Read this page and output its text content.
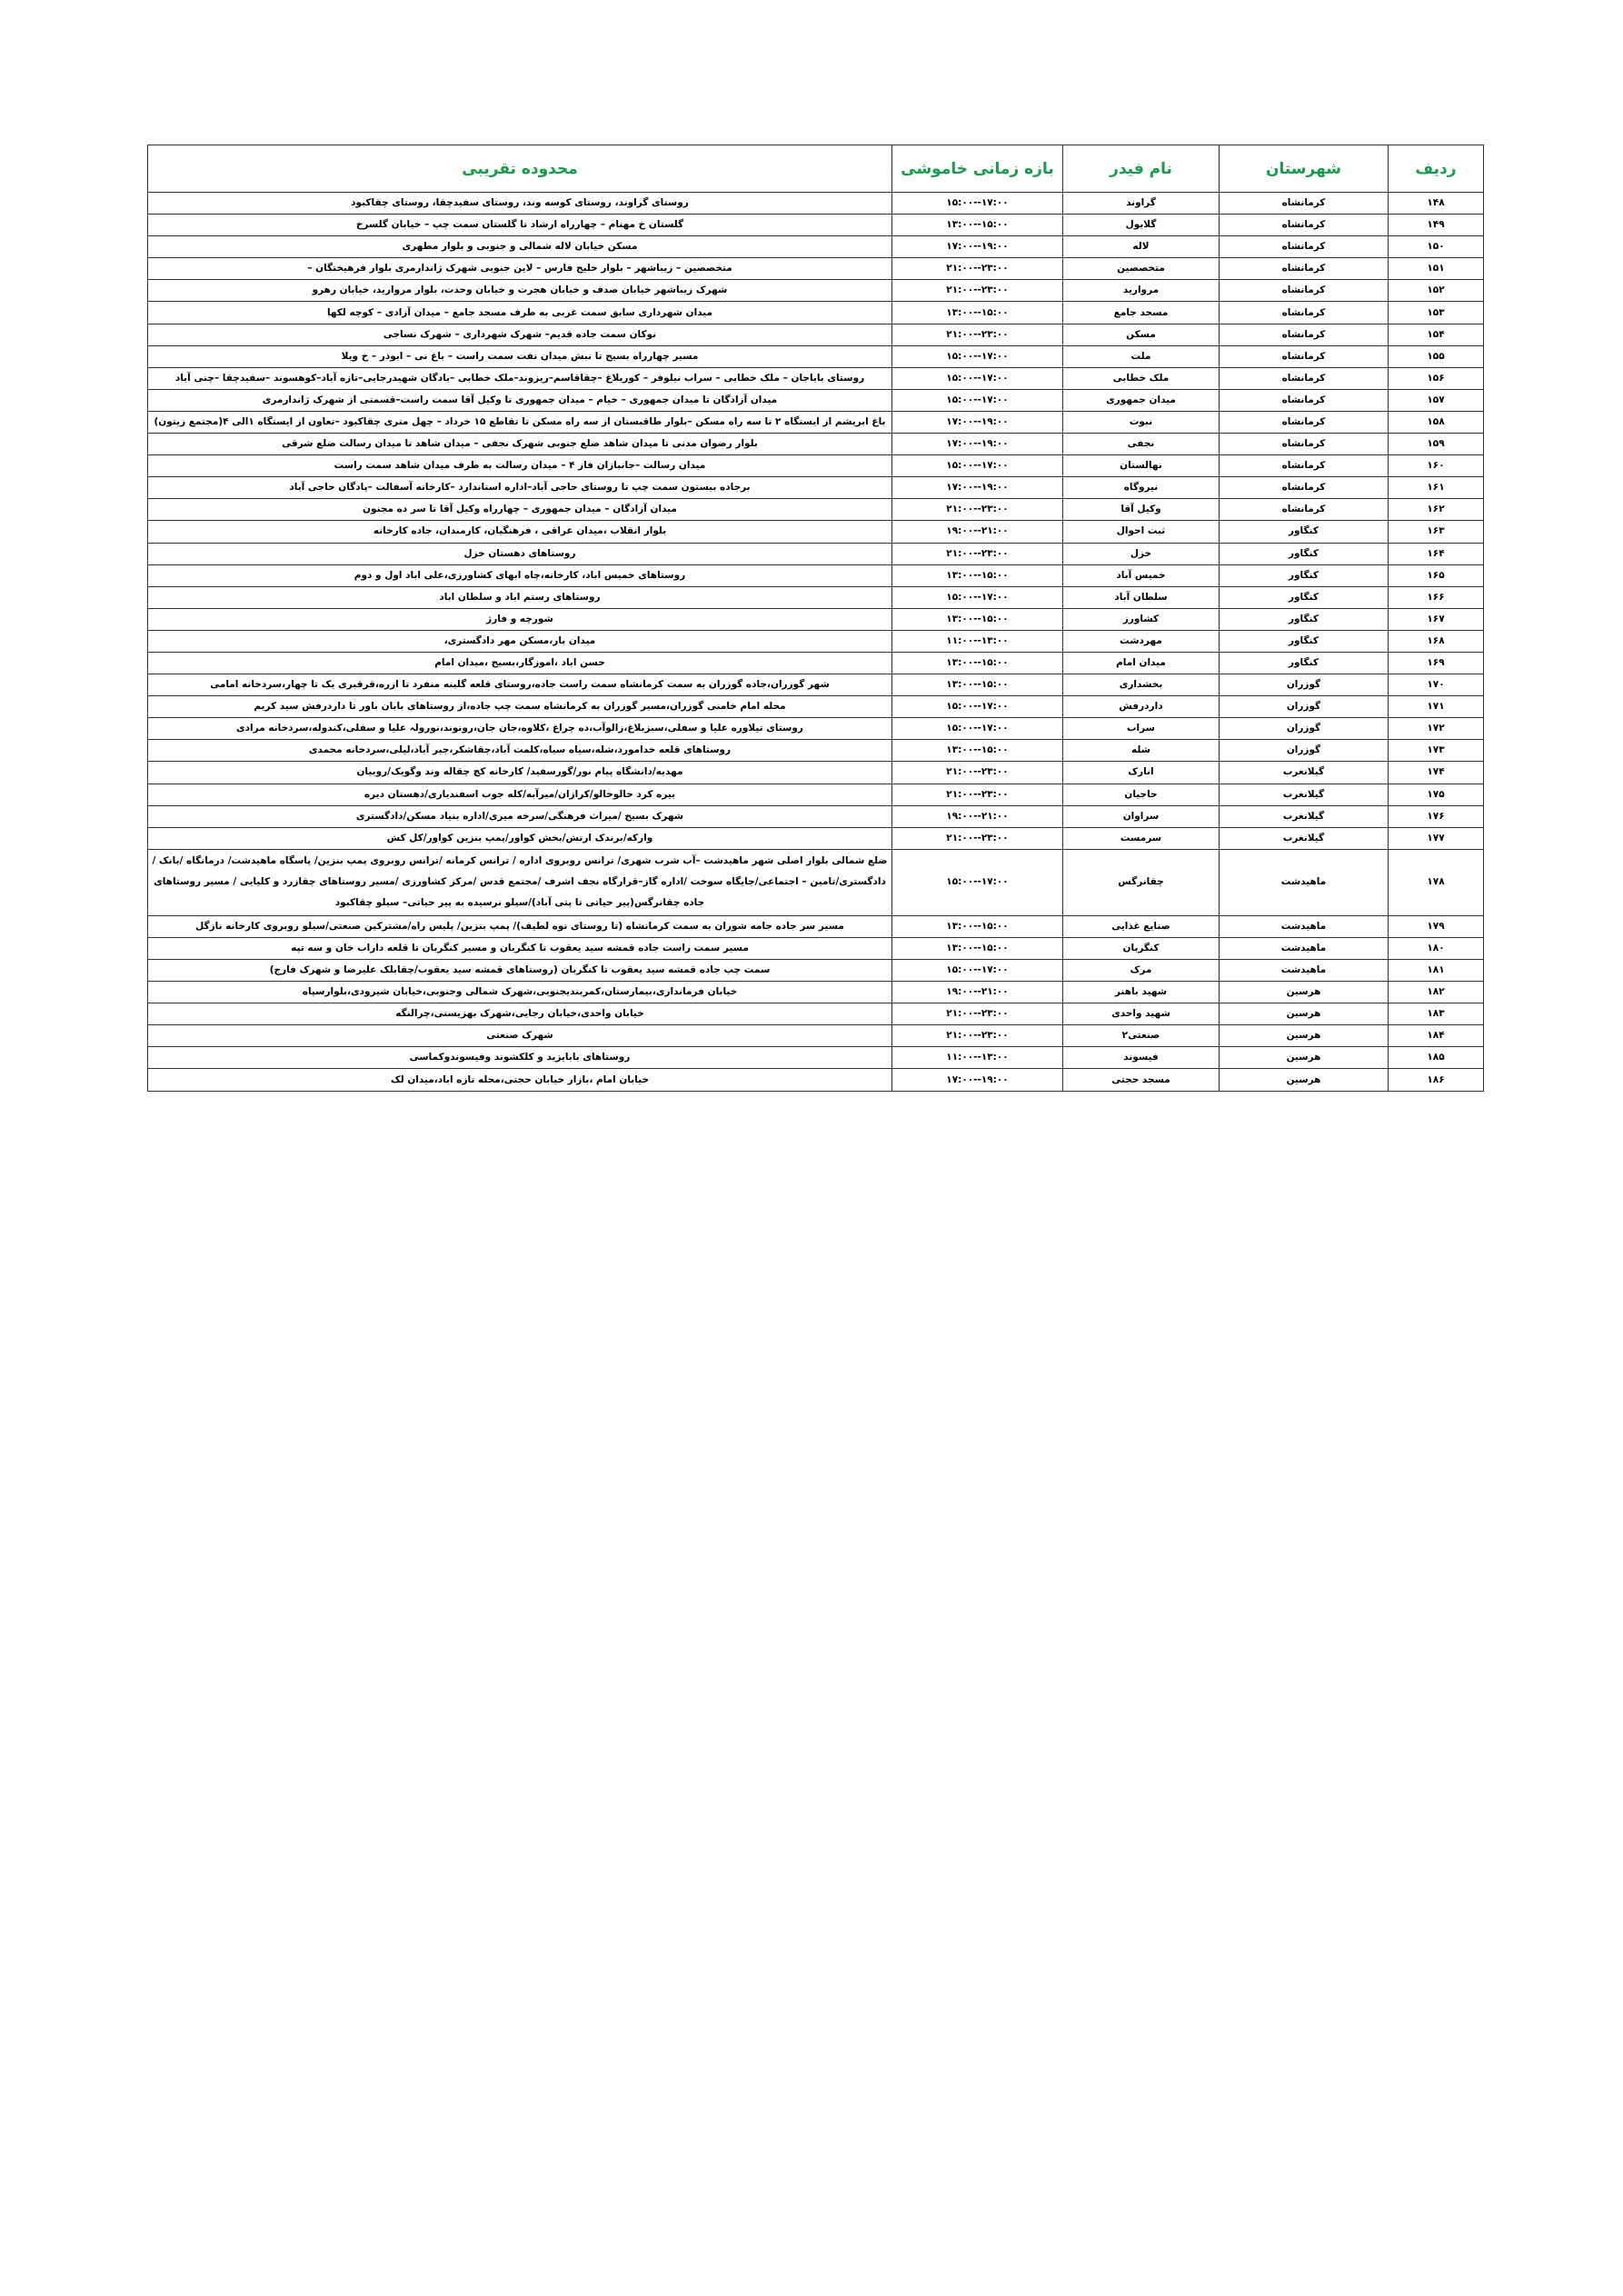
ردیف	شهرستان	نام فیدر	بازه زمانی خاموشی	محدوده تقریبی
۱۴۸	کرمانشاه	گراوند	۱۵:۰۰--۱۷:۰۰	روستای گراوند، روستای کوسه وند، روستای سفیدچقا، روستای چقاکبود
۱۴۹	کرمانشاه	گلایول	۱۳:۰۰--۱۵:۰۰	گلستان خ مهنام – چهارراه ارشاد تا گلستان سمت چپ – خیابان گلسرخ
۱۵۰	کرمانشاه	لاله	۱۷:۰۰--۱۹:۰۰	مسکن خیابان لاله شمالی و جنوبی و بلوار مطهری
۱۵۱	کرمانشاه	متخصصین	۲۱:۰۰--۲۳:۰۰	متخصصین – زیباشهر – بلوار خلیج فارس – لاین جنوبی شهرک ژاندارمری بلوار فرهیختگان –
۱۵۲	کرمانشاه	مروارید	۲۱:۰۰--۲۳:۰۰	شهرک زیباشهر خیابان صدف و خیابان هجرت و خیابان وحدت، بلوار مروارید، خیابان رهرو
۱۵۳	کرمانشاه	مسجد جامع	۱۳:۰۰--۱۵:۰۰	میدان شهرداری سابق سمت غربی به طرف مسجد جامع – میدان آزادی – کوچه لکها
۱۵۴	کرمانشاه	مسکن	۲۱:۰۰--۲۳:۰۰	نوکان سمت جاده قدیم– شهرک شهرداری – شهرک نساجی
۱۵۵	کرمانشاه	ملت	۱۵:۰۰--۱۷:۰۰	مسیر چهارراه بسیج تا نبش میدان نفت سمت راست – باغ نی – ابوذر – خ ویلا
۱۵۶	کرمانشاه	ملک خطابی	۱۵:۰۰--۱۷:۰۰	روستای باباجان – ملک خطابی – سراب نیلوفر – کوریلاغ –چقاقاسم–ریزوند–ملک خطابی –بادگان شهیدرجایی–تازه آباد–کوهسوند –سفیدچقا –چنی آباد
۱۵۷	کرمانشاه	میدان جمهوری	۱۵:۰۰--۱۷:۰۰	میدان آزادگان تا میدان جمهوری – خیام – میدان جمهوری تا وکیل آقا سمت راست–قسمتی از شهرک ژاندارمری
۱۵۸	کرمانشاه	نبوت	۱۷:۰۰--۱۹:۰۰	باغ ابریشم از ایستگاه ۲ تا سه راه مسکن –بلوار طاقبستان از سه راه مسکن تا تقاطع ۱۵ خرداد – چهل متری چقاکبود –تعاون از ایستگاه ۱الی ۴(مجتمع زیتون)
۱۵۹	کرمانشاه	نجفی	۱۷:۰۰--۱۹:۰۰	بلوار رضوان مدنی تا میدان شاهد ضلع جنوبی شهرک نجفی – میدان شاهد تا میدان رسالت ضلع شرقی
۱۶۰	کرمانشاه	نهالستان	۱۵:۰۰--۱۷:۰۰	میدان رسالت –جانبازان فاز ۴ – میدان رسالت به طرف میدان شاهد سمت راست
۱۶۱	کرمانشاه	نیروگاه	۱۷:۰۰--۱۹:۰۰	برجاده بیستون سمت چپ تا روستای حاجی آباد–اداره استاندارد –کارخانه آسفالت –پادگان حاجی آباد
۱۶۲	کرمانشاه	وکیل آقا	۲۱:۰۰--۲۳:۰۰	میدان آزادگان – میدان جمهوری – چهارراه وکیل آقا تا سر ده مجنون
۱۶۳	کنگاور	ثبت احوال	۱۹:۰۰--۲۱:۰۰	بلوار انقلاب ،میدان عراقی ، فرهنگیان، کارمندان، جاده کارخانه
۱۶۴	کنگاور	خزل	۲۱:۰۰--۲۳:۰۰	روستاهای دهستان خزل
۱۶۵	کنگاور	خمیس آباد	۱۳:۰۰--۱۵:۰۰	روستاهای خمیس اباد، کارخانه،چاه ابهای کشاورزی،علی اباد اول و دوم
۱۶۶	کنگاور	سلطان آباد	۱۵:۰۰--۱۷:۰۰	روستاهای رستم اباد و سلطان اباد
۱۶۷	کنگاور	کشاورز	۱۳:۰۰--۱۵:۰۰	شورچه و فارژ
۱۶۸	کنگاور	مهردشت	۱۱:۰۰--۱۳:۰۰	میدان بار،مسکن مهر دادگستری،
۱۶۹	کنگاور	میدان امام	۱۳:۰۰--۱۵:۰۰	حسن اباد ،اموزگار،بسیج ،میدان امام
۱۷۰	گوزران	بخشداری	۱۳:۰۰--۱۵:۰۰	شهر گوزران،جاده گوزران به سمت کرمانشاه سمت راست جاده،روستای قلعه گلینه منفرد تا ازره،قرقبری یک تا چهار،سردخانه امامی
۱۷۱	گوزران	داردرفش	۱۵:۰۰--۱۷:۰۰	محله امام خامنی گوزران،مسیر گوزران به کرمانشاه سمت چپ جاده،از روستاهای بابان باور تا داردرفش سید کریم
۱۷۲	گوزران	سراب	۱۵:۰۰--۱۷:۰۰	روستای تیلاوره علیا و سفلی،سبزبلاغ،زالوآب،ده چراغ ،کلاوه،جان جان،رونوند،نورولہ علیا و سفلی،کندوله،سردخانه مرادی
۱۷۳	گوزران	شله	۱۳:۰۰--۱۵:۰۰	روستاهای قلعه خدامورد،شله،سیاه سیاه،کلمت آباد،چقاشکر،جبر آباد،لیلی،سردخانه محمدی
۱۷۴	گیلانغرب	انارک	۲۱:۰۰--۲۳:۰۰	مهدیه/دانشگاه پیام نور/گورسفید/ کارخانه کچ چقاله وند وگویک/روبیان
۱۷۵	گیلانغرب	حاجیان	۲۱:۰۰--۲۳:۰۰	بیره کرد خالوخالو/کرازان/میرآبه/کله جوب اسفندیاری/دهستان دیره
۱۷۶	گیلانغرب	سراوان	۱۹:۰۰--۲۱:۰۰	شهرک بسیج /میراث فرهنگی/سرخه میری/اداره بنیاد مسکن/دادگستری
۱۷۷	گیلانغرب	سرمست	۲۱:۰۰--۲۳:۰۰	وارکه/برندک ارتش/بخش کواور/پمپ بنزین کواور/کل کش
۱۷۸	ماهیدشت	چقانرگس	۱۵:۰۰--۱۷:۰۰	ضلع شمالی بلوار اصلی شهر ماهیدشت –آب شرب شهری/ ترانس روبروی اداره / ترانس کرمانه /ترانس روبروی پمپ بنزین/ پاسگاه ماهیدشت/ درمانگاه /بانک /دادگستری/تامین – اجتماعی/جایگاه سوخت /اداره گاز–قرارگاه نجف اشرف /مجتمع قدس /مرکز کشاورزی /مسیر روستاهای چقازرد و کلیایی / مسیر روستاهای جاده چقانرگس(پیر حیاتی تا پتی آباد)/سیلو نرسیده به پیر حیاتی– سیلو چقاکبود
۱۷۹	ماهیدشت	صنایع غذایی	۱۳:۰۰--۱۵:۰۰	مسیر سر جاده جامه شوران به سمت کرمانشاه (تا روستای نوه لطیف)/ پمپ بنزین/ پلیس راه/مشترکین صنعتی/سیلو روبروی کارخانه نازگل
۱۸۰	ماهیدشت	کنگربان	۱۳:۰۰--۱۵:۰۰	مسیر سمت راست جاده قمشه سید یعقوب تا کنگربان و مسیر کنگربان تا قلعه داراب خان و سه تپه
۱۸۱	ماهیدشت	مرک	۱۵:۰۰--۱۷:۰۰	سمت چپ جاده قمشه سید یعقوب تا کنگربان (روستاهای قمشه سید یعقوب/چقابلک علیرضا و شهرک فارج)
۱۸۲	هرسین	شهید باهنر	۱۹:۰۰--۲۱:۰۰	خیابان فرمانداری،بیمارستان،کمربندیجنوبی،شهرک شمالی وجنوبی،خیابان شیرودی،بلوارسپاه
۱۸۳	هرسین	شهید واحدی	۲۱:۰۰--۲۳:۰۰	خیابان واحدی،خیابان رجایی،شهرک بهزیستی،چرالنگه
۱۸۴	هرسین	صنعتی۲	۲۱:۰۰--۲۳:۰۰	شهرک صنعتی
۱۸۵	هرسین	فیسوند	۱۱:۰۰--۱۳:۰۰	روستاهای بابایزید و کلکشوند وفیسوندوکماسی
۱۸۶	هرسین	مسجد حجتی	۱۷:۰۰--۱۹:۰۰	خیابان امام ،بازار خیابان حجتی،محله تازه اباد،میدان لک
